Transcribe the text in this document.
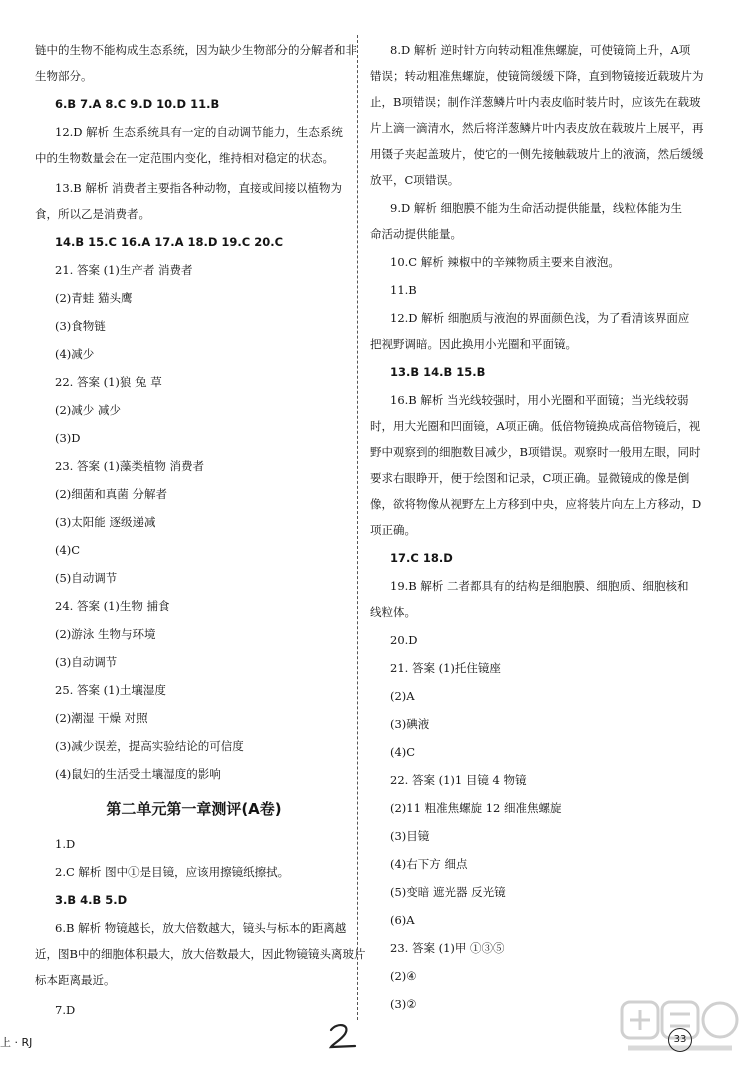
链中的生物不能构成生态系统，因为缺少生物部分的分解者和非
生物部分。
6.B 7.A 8.C 9.D 10.D 11.B
12.D 解析 生态系统具有一定的自动调节能力，生态系统
中的生物数量会在一定范围内变化，维持相对稳定的状态。
13.B 解析 消费者主要指各种动物，直接或间接以植物为
食，所以乙是消费者。
14.B 15.C 16.A 17.A 18.D 19.C 20.C
21. 答案 (1)生产者 消费者
(2)青蛙 猫头鹰
(3)食物链
(4)减少
22. 答案 (1)狼 兔 草
(2)减少 减少
(3)D
23. 答案 (1)藻类植物 消费者
(2)细菌和真菌 分解者
(3)太阳能 逐级递减
(4)C
(5)自动调节
24. 答案 (1)生物 捕食
(2)游泳 生物与环境
(3)自动调节
25. 答案 (1)土壤湿度
(2)潮湿 干燥 对照
(3)减少误差，提高实验结论的可信度
(4)鼠妇的生活受土壤湿度的影响
1.D
2.C 解析 图中①是目镜，应该用擦镜纸擦拭。
3.B 4.B 5.D
6.B 解析 物镜越长，放大倍数越大，镜头与标本的距离越
近，图B中的细胞体积最大，放大倍数最大，因此物镜镜头离玻片
标本距离最近。
7.D
8.D 解析 逆时针方向转动粗准焦螺旋，可使镜筒上升，A项
错误；转动粗准焦螺旋，使镜筒缓缓下降，直到物镜接近载玻片为
止，B项错误；制作洋葱鳞片叶内表皮临时装片时，应该先在载玻
片上滴一滴清水，然后将洋葱鳞片叶内表皮放在载玻片上展平，再
用镊子夹起盖玻片，使它的一侧先接触载玻片上的液滴，然后缓缓
放平，C项错误。
9.D 解析 细胞膜不能为生命活动提供能量，线粒体能为生
命活动提供能量。
10.C 解析 辣椒中的辛辣物质主要来自液泡。
11.B
12.D 解析 细胞质与液泡的界面颜色浅，为了看清该界面应
把视野调暗。因此换用小光圈和平面镜。
13.B 14.B 15.B
16.B 解析 当光线较强时，用小光圈和平面镜；当光线较弱
时，用大光圈和凹面镜，A项正确。低倍物镜换成高倍物镜后，视
野中观察到的细胞数目减少，B项错误。观察时一般用左眼，同时
要求右眼睁开，便于绘图和记录，C项正确。显微镜成的像是倒
像，欲将物像从视野左上方移到中央，应将装片向左上方移动，D
项正确。
17.C 18.D
19.B 解析 二者都具有的结构是细胞膜、细胞质、细胞核和
线粒体。
20.D
21. 答案 (1)托住镜座
(2)A
(3)碘液
(4)C
22. 答案 (1)1 目镜 4 物镜
(2)11 粗准焦螺旋 12 细准焦螺旋
(3)目镜
(4)右下方 细点
(5)变暗 遮光器 反光镜
(6)A
23. 答案 (1)甲 ①③⑤
(2)④
(3)②
第二单元第一章测评(A卷)
上 · RJ	33
